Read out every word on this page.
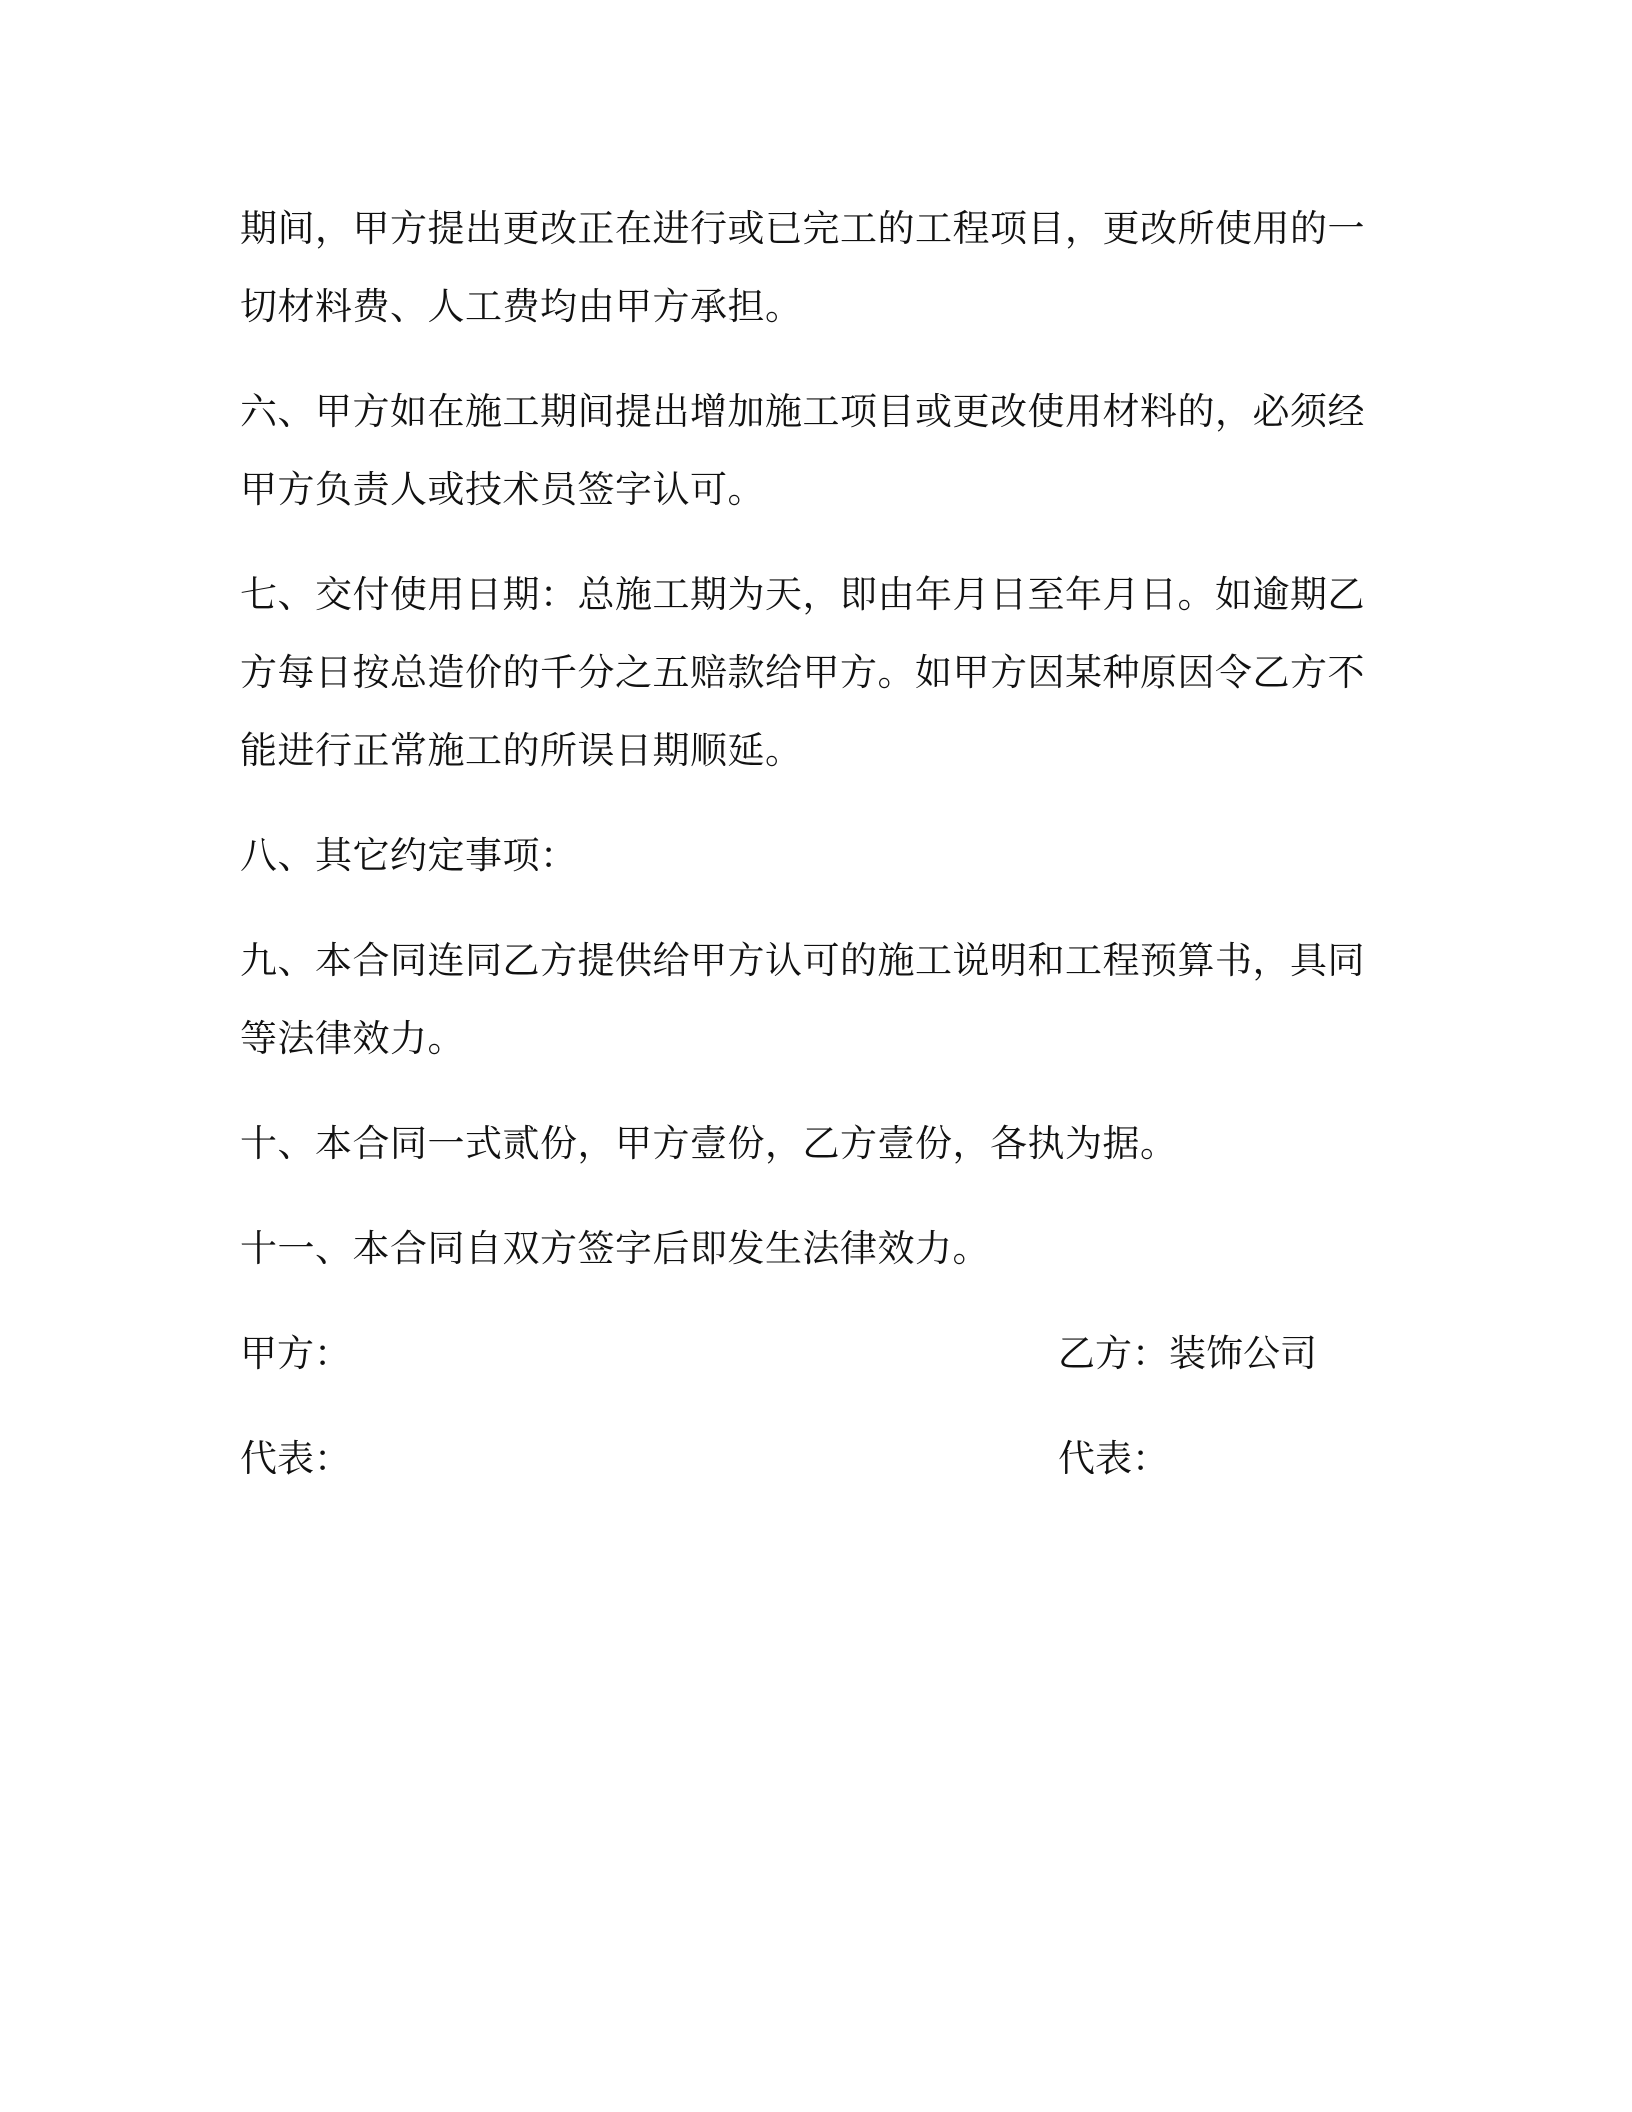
期间，甲方提出更改正在进行或已完工的工程项目，更改所使用的一切材料费、人工费均由甲方承担。

六、甲方如在施工期间提出增加施工项目或更改使用材料的，必须经甲方负责人或技术员签字认可。

七、交付使用日期：总施工期为天，即由年月日至年月日。如逾期乙方每日按总造价的千分之五赔款给甲方。如甲方因某种原因令乙方不能进行正常施工的所误日期顺延。

八、其它约定事项：

九、本合同连同乙方提供给甲方认可的施工说明和工程预算书，具同等法律效力。

十、本合同一式贰份，甲方壹份，乙方壹份，各执为据。

十一、本合同自双方签字后即发生法律效力。

甲方：	乙方：装饰公司
代表：	代表：
